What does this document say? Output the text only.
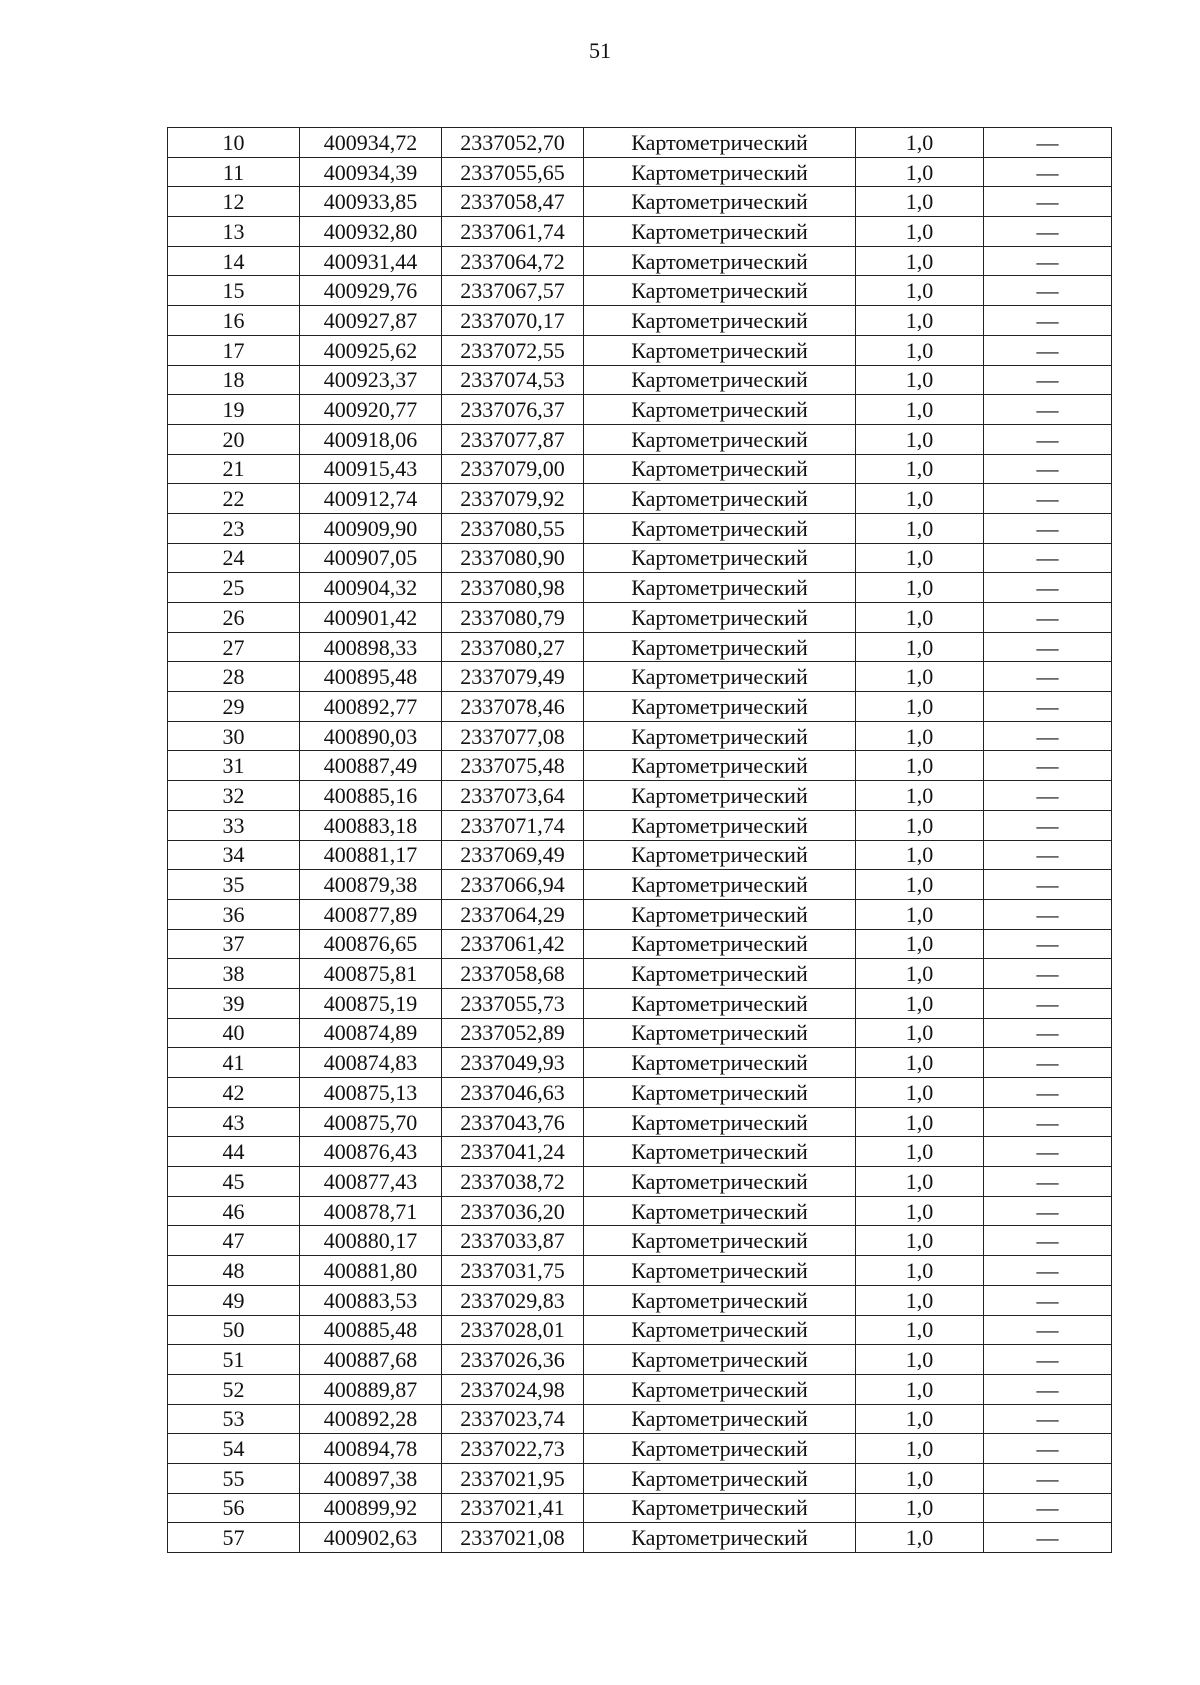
51
10	400934,72	2337052,70	Картометрический	1,0	—
11	400934,39	2337055,65	Картометрический	1,0	—
12	400933,85	2337058,47	Картометрический	1,0	—
13	400932,80	2337061,74	Картометрический	1,0	—
14	400931,44	2337064,72	Картометрический	1,0	—
15	400929,76	2337067,57	Картометрический	1,0	—
16	400927,87	2337070,17	Картометрический	1,0	—
17	400925,62	2337072,55	Картометрический	1,0	—
18	400923,37	2337074,53	Картометрический	1,0	—
19	400920,77	2337076,37	Картометрический	1,0	—
20	400918,06	2337077,87	Картометрический	1,0	—
21	400915,43	2337079,00	Картометрический	1,0	—
22	400912,74	2337079,92	Картометрический	1,0	—
23	400909,90	2337080,55	Картометрический	1,0	—
24	400907,05	2337080,90	Картометрический	1,0	—
25	400904,32	2337080,98	Картометрический	1,0	—
26	400901,42	2337080,79	Картометрический	1,0	—
27	400898,33	2337080,27	Картометрический	1,0	—
28	400895,48	2337079,49	Картометрический	1,0	—
29	400892,77	2337078,46	Картометрический	1,0	—
30	400890,03	2337077,08	Картометрический	1,0	—
31	400887,49	2337075,48	Картометрический	1,0	—
32	400885,16	2337073,64	Картометрический	1,0	—
33	400883,18	2337071,74	Картометрический	1,0	—
34	400881,17	2337069,49	Картометрический	1,0	—
35	400879,38	2337066,94	Картометрический	1,0	—
36	400877,89	2337064,29	Картометрический	1,0	—
37	400876,65	2337061,42	Картометрический	1,0	—
38	400875,81	2337058,68	Картометрический	1,0	—
39	400875,19	2337055,73	Картометрический	1,0	—
40	400874,89	2337052,89	Картометрический	1,0	—
41	400874,83	2337049,93	Картометрический	1,0	—
42	400875,13	2337046,63	Картометрический	1,0	—
43	400875,70	2337043,76	Картометрический	1,0	—
44	400876,43	2337041,24	Картометрический	1,0	—
45	400877,43	2337038,72	Картометрический	1,0	—
46	400878,71	2337036,20	Картометрический	1,0	—
47	400880,17	2337033,87	Картометрический	1,0	—
48	400881,80	2337031,75	Картометрический	1,0	—
49	400883,53	2337029,83	Картометрический	1,0	—
50	400885,48	2337028,01	Картометрический	1,0	—
51	400887,68	2337026,36	Картометрический	1,0	—
52	400889,87	2337024,98	Картометрический	1,0	—
53	400892,28	2337023,74	Картометрический	1,0	—
54	400894,78	2337022,73	Картометрический	1,0	—
55	400897,38	2337021,95	Картометрический	1,0	—
56	400899,92	2337021,41	Картометрический	1,0	—
57	400902,63	2337021,08	Картометрический	1,0	—
